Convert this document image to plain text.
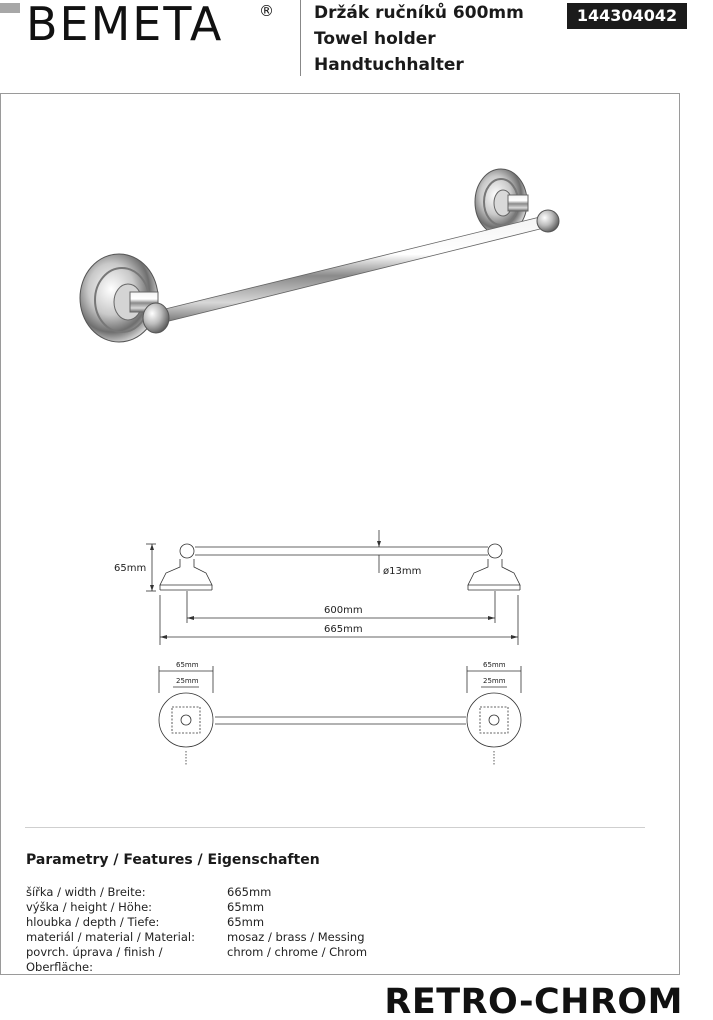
BEMETA ® Držák ručníků 600mm
Towel holder
Handtuchhalter
144304042
65mm	ø13mm
600mm
665mm
65mm
25mm
65mm
25mm
Parametry / Features / Eigenschaften
šířka / width / Breite:	665mm
výška / height / Höhe:	65mm
hloubka / depth / Tiefe:	65mm
materiál / material / Material:	mosaz / brass / Messing
povrch. úprava / finish / Oberfläche:
chrom / chrome / Chrom
RETRO-CHROM
